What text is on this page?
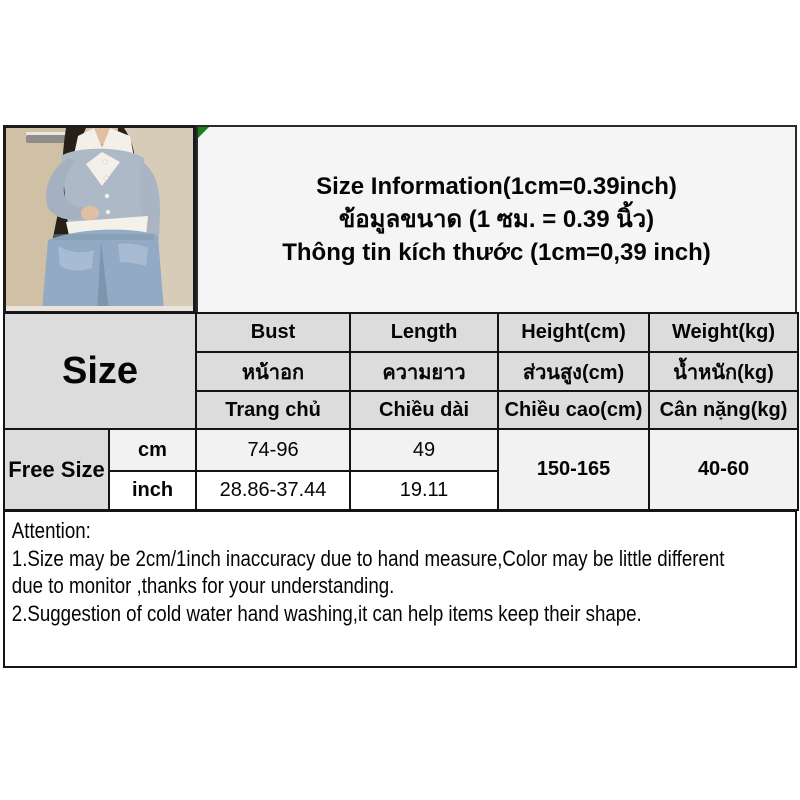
Size Information(1cm=0.39inch)
ข้อมูลขนาด (1 ซม. = 0.39 นิ้ว)
Thông tin kích thước (1cm=0,39 inch)
Size		Bust	Length	Height(cm)	Weight(kg)
		หน้าอก	ความยาว	ส่วนสูง(cm)	น้ำหนัก(kg)
		Trang chủ	Chiều dài	Chiều cao(cm)	Cân nặng(kg)
Free Size	cm	74-96	49	150-165	40-60
	inch	28.86-37.44	19.11		
Attention:
1.Size may be 2cm/1inch inaccuracy due to hand measure,Color may be little different
due to monitor ,thanks for your understanding.
2.Suggestion of cold water hand washing,it can help items keep their shape.
